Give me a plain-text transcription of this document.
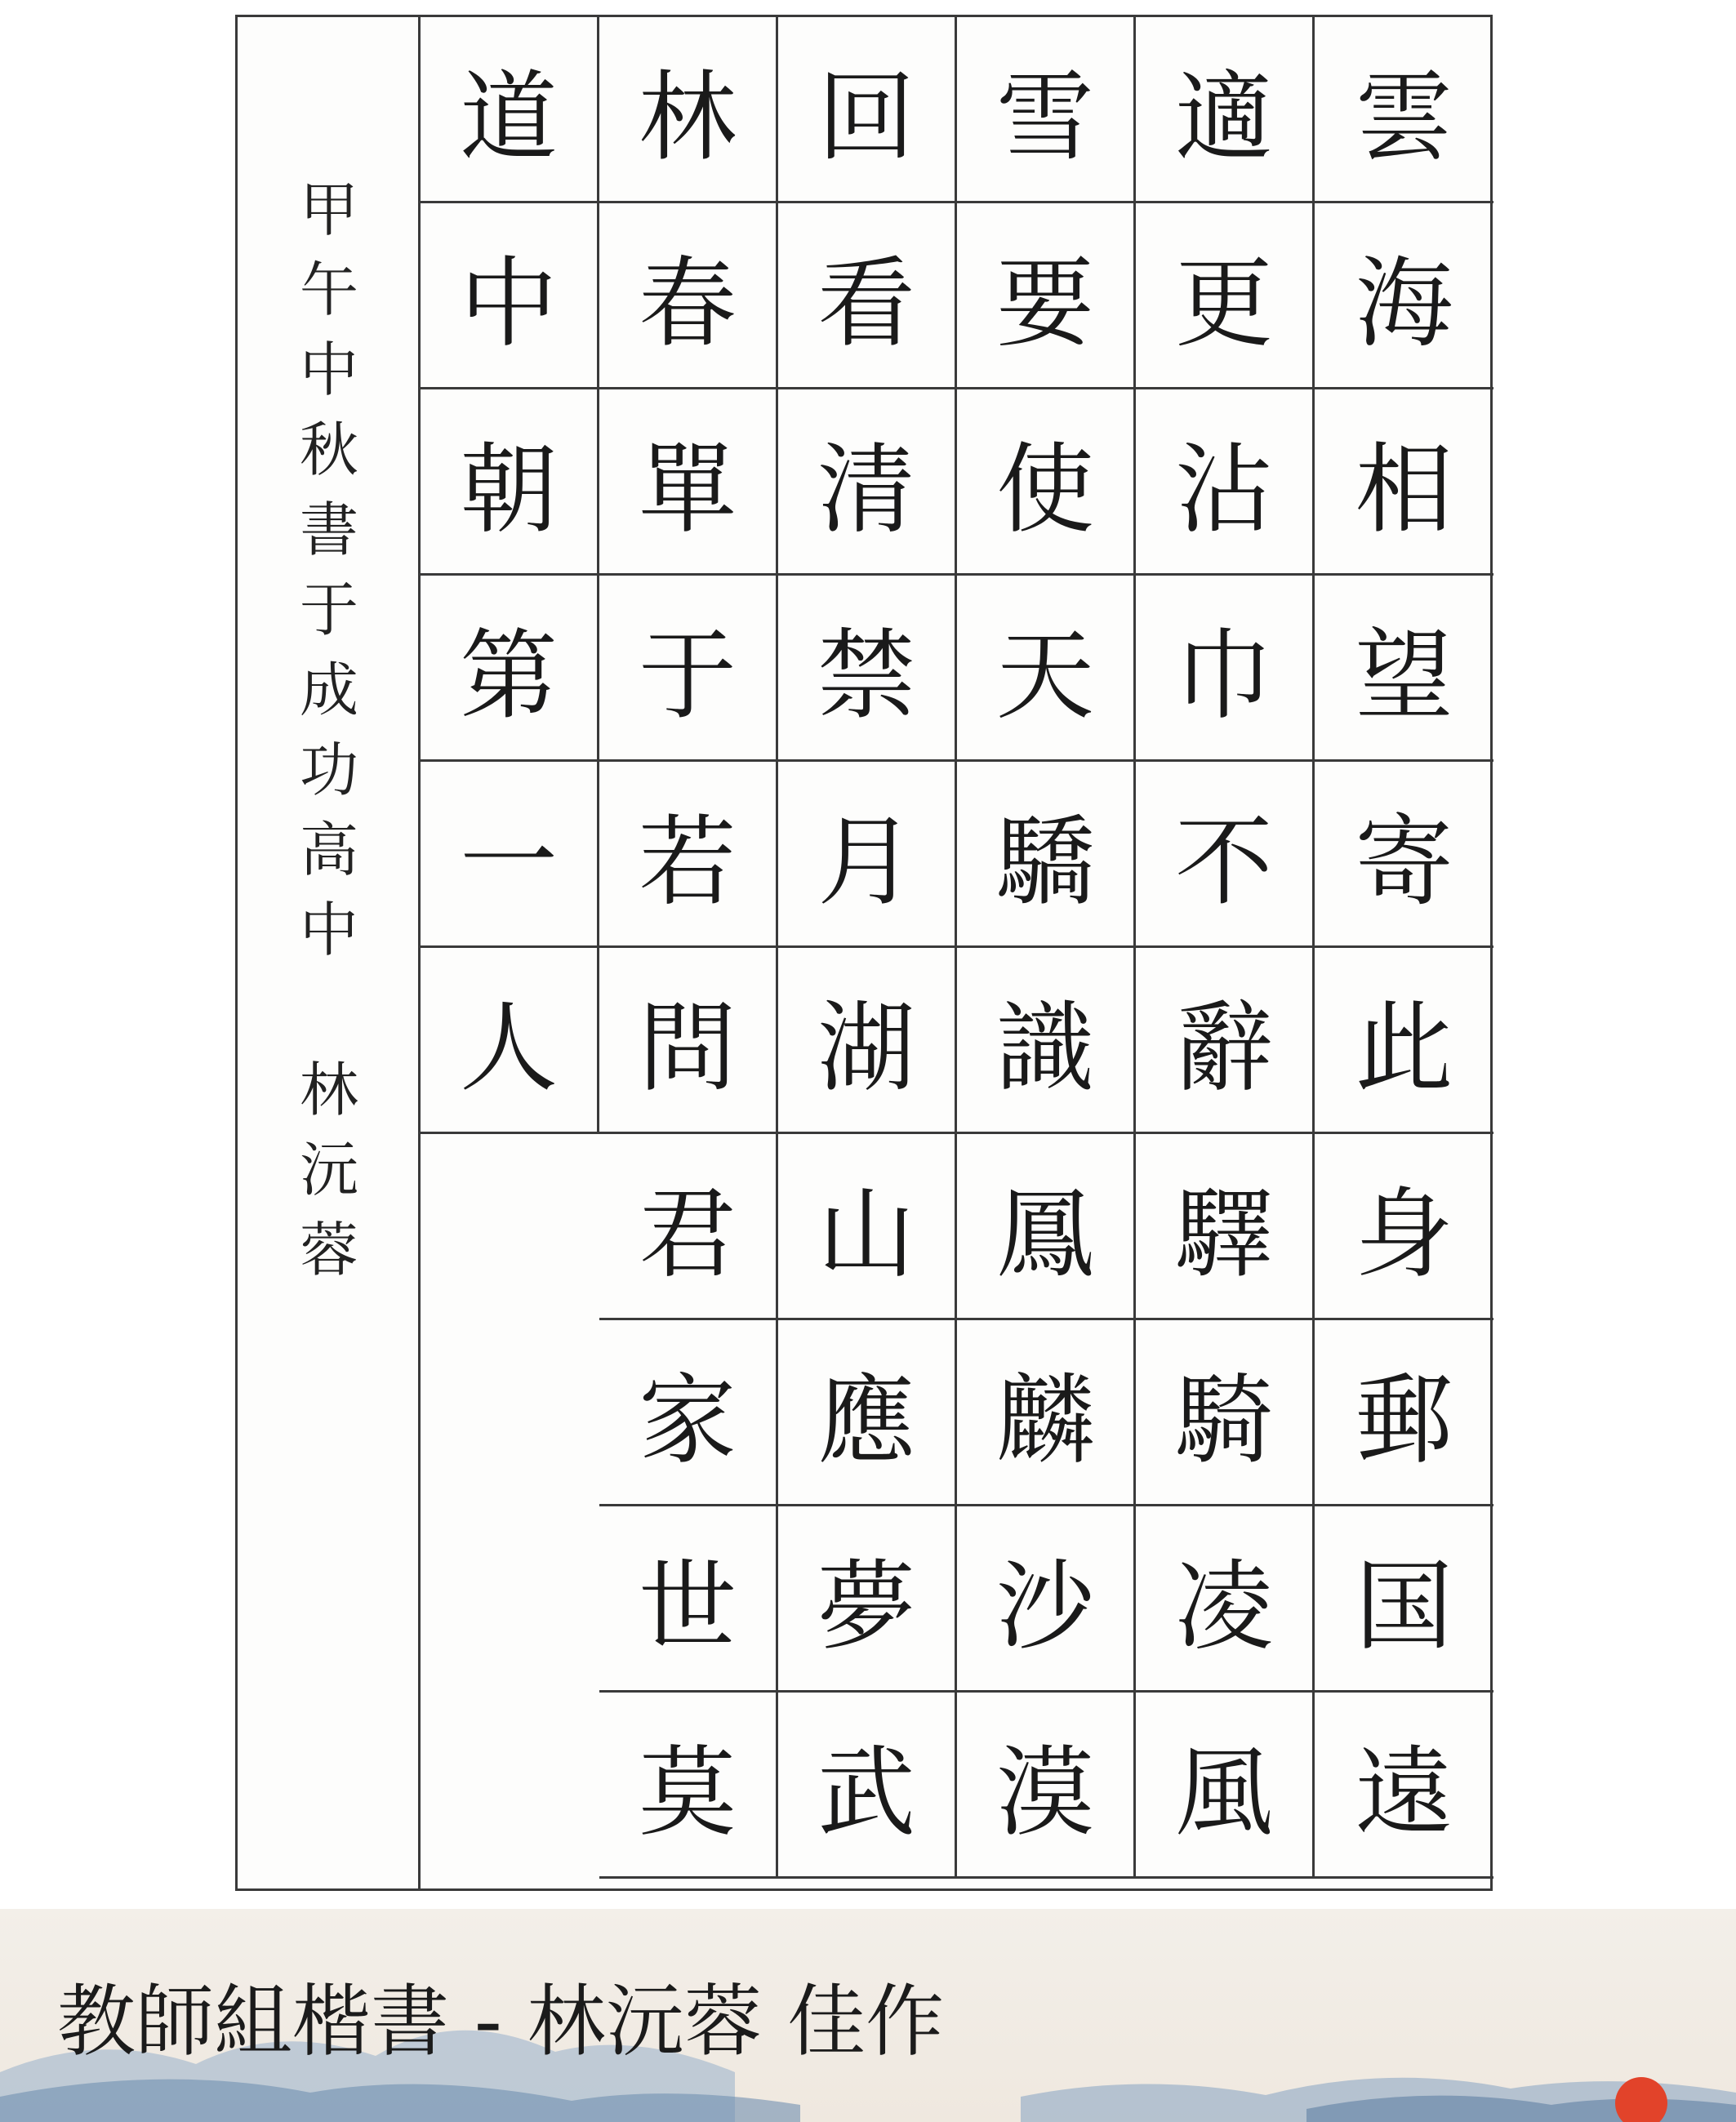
甲
午
中
秋
書
于
成
功
高
中
林
沅
蓉
雲
海
相
望
寄
此
身
郵
国
遠
適
更
沾
巾
不
辭
驛
騎
凌
風
雪
要
使
天
驕
識
鳳
麟
沙
漠
回
看
清
禁
月
湖
山
應
夢
武
林
春
單
于
若
問
君
家
世
莫
道
中
朝
第
一
人
教師組楷書 - 林沅蓉 佳作
